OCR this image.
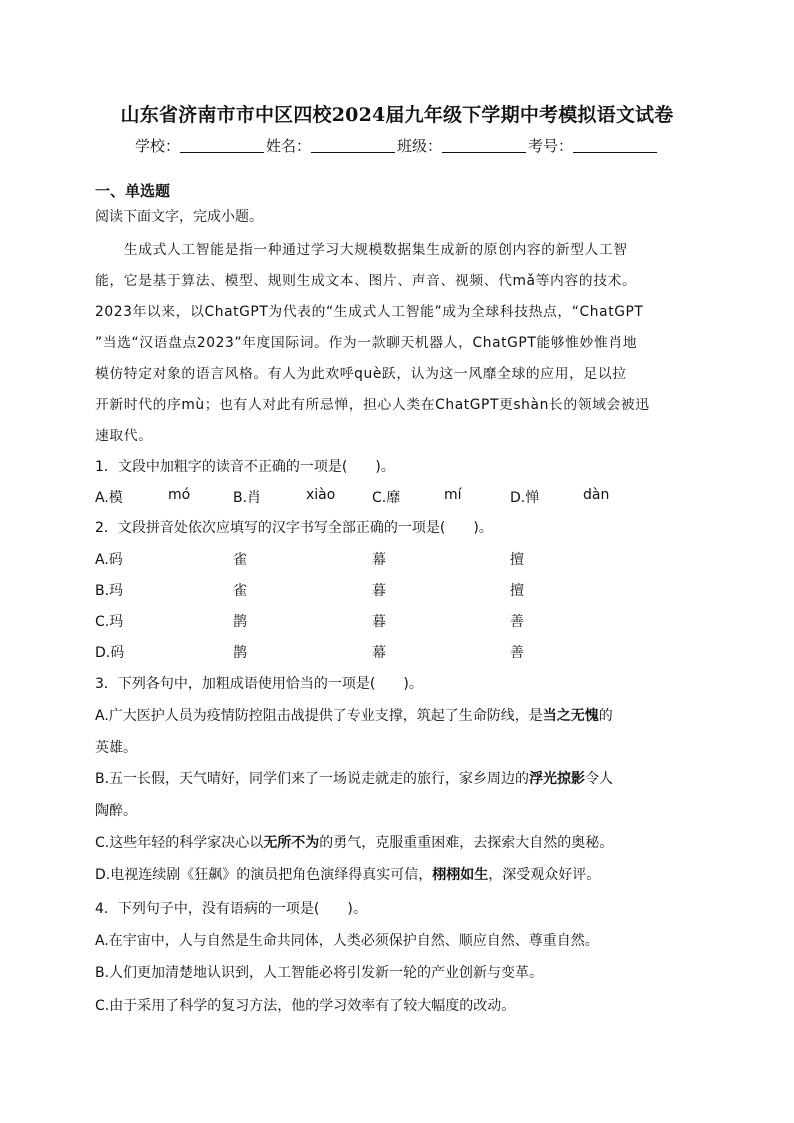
山东省济南市市中区四校2024届九年级下学期中考模拟语文试卷
学校：	姓名：	班级：	考号：
一、单选题
阅读下面文字，完成小题。
　　生成式人工智能是指一种通过学习大规模数据集生成新的原创内容的新型人工智
能，它是基于算法、模型、规则生成文本、图片、声音、视频、代mǎ等内容的技术。
2023年以来，以ChatGPT为代表的“生成式人工智能”成为全球科技热点，“ChatGPT
”当选“汉语盘点2023”年度国际词。作为一款聊天机器人，ChatGPT能够惟妙惟肖地
模仿特定对象的语言风格。有人为此欢呼què跃，认为这一风靡全球的应用，足以拉
开新时代的序mù；也有人对此有所忌惮，担心人类在ChatGPT更shàn长的领域会被迅
速取代。
1．文段中加粗字的读音不正确的一项是(　　)。
A.模	mó	B.肖	xiào	C.靡	mí	D.惮	dàn
2．文段拼音处依次应填写的汉字书写全部正确的一项是(　　)。
A.码	雀	幕	擅
B.玛	雀	暮	擅
C.玛	鹊	暮	善
D.码	鹊	幕	善
3．下列各句中，加粗成语使用恰当的一项是(　　)。
A.广大医护人员为疫情防控阻击战提供了专业支撑，筑起了生命防线，是当之无愧的
英雄。
B.五一长假，天气晴好，同学们来了一场说走就走的旅行，家乡周边的浮光掠影令人
陶醉。
C.这些年轻的科学家决心以无所不为的勇气，克服重重困难，去探索大自然的奥秘。
D.电视连续剧《狂飙》的演员把角色演绎得真实可信，栩栩如生，深受观众好评。
4．下列句子中，没有语病的一项是(　　)。
A.在宇宙中，人与自然是生命共同体，人类必须保护自然、顺应自然、尊重自然。
B.人们更加清楚地认识到，人工智能必将引发新一轮的产业创新与变革。
C.由于采用了科学的复习方法，他的学习效率有了较大幅度的改动。
